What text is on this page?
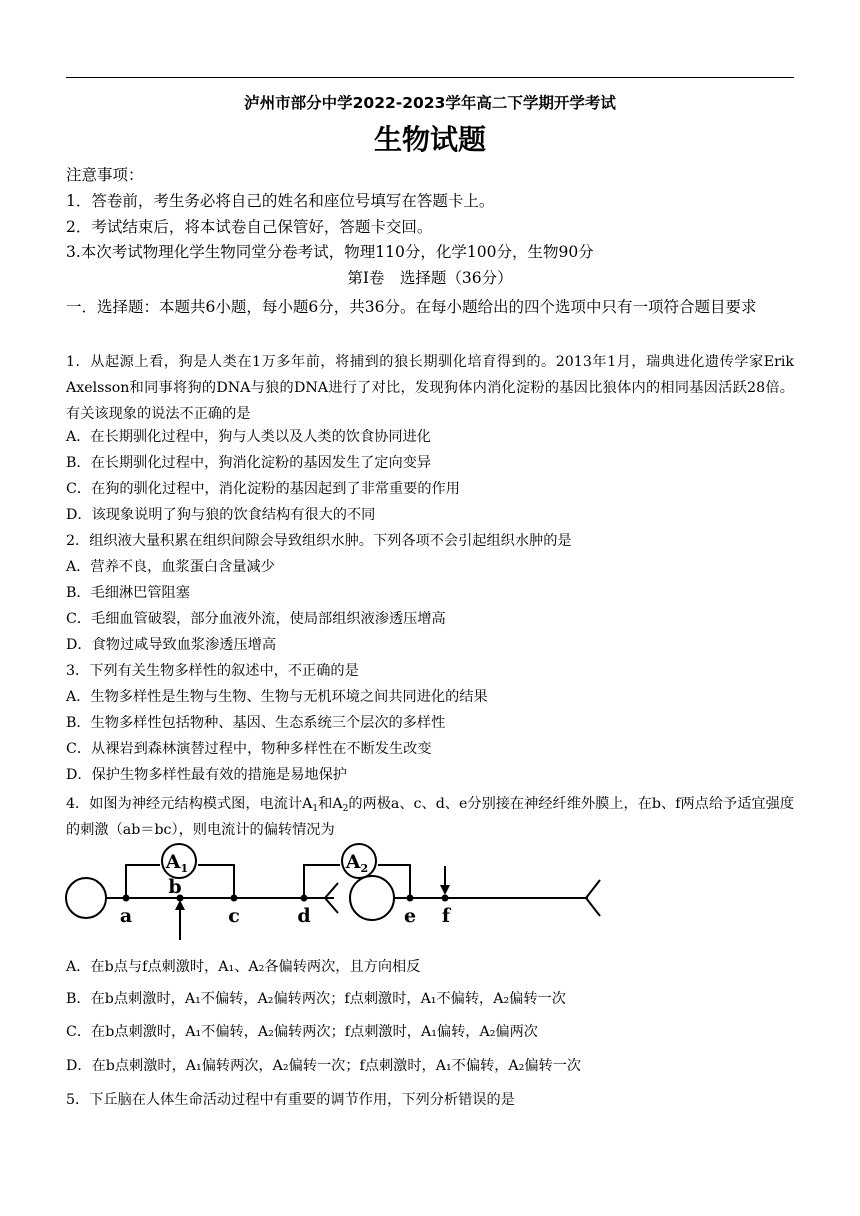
泸州市部分中学2022-2023学年高二下学期开学考试
生物试题
注意事项：
1．答卷前，考生务必将自己的姓名和座位号填写在答题卡上。
2．考试结束后，将本试卷自己保管好，答题卡交回。
3.本次考试物理化学生物同堂分卷考试，物理110分，化学100分，生物90分
第Ⅰ卷　选择题（36分）
一．选择题：本题共6小题，每小题6分，共36分。在每小题给出的四个选项中只有一项符合题目要求
1．从起源上看，狗是人类在1万多年前，将捕到的狼长期驯化培育得到的。2013年1月，瑞典进化遗传学家Erik Axelsson和同事将狗的DNA与狼的DNA进行了对比，发现狗体内消化淀粉的基因比狼体内的相同基因活跃28倍。有关该现象的说法不正确的是
A．在长期驯化过程中，狗与人类以及人类的饮食协同进化
B．在长期驯化过程中，狗消化淀粉的基因发生了定向变异
C．在狗的驯化过程中，消化淀粉的基因起到了非常重要的作用
D．该现象说明了狗与狼的饮食结构有很大的不同
2．组织液大量积累在组织间隙会导致组织水肿。下列各项不会引起组织水肿的是
A．营养不良，血浆蛋白含量减少
B．毛细淋巴管阻塞
C．毛细血管破裂，部分血液外流，使局部组织液渗透压增高
D．食物过咸导致血浆渗透压增高
3．下列有关生物多样性的叙述中，不正确的是
A．生物多样性是生物与生物、生物与无机环境之间共同进化的结果
B．生物多样性包括物种、基因、生态系统三个层次的多样性
C．从裸岩到森林演替过程中，物种多样性在不断发生改变
D．保护生物多样性最有效的措施是易地保护
4．如图为神经元结构模式图，电流计$A_1$和$A_2$的两极a、c、d、e分别接在神经纤维外膜上，在b、f两点给予适宜强度的刺激（ab＝bc），则电流计的偏转情况为
$A_1$	$A_2$
a
b
c	d	e f
A．在b点与f点刺激时，A₁、A₂各偏转两次，且方向相反
B．在b点刺激时，A₁不偏转，A₂偏转两次；f点刺激时，A₁不偏转，A₂偏转一次
C．在b点刺激时，A₁不偏转，A₂偏转两次；f点刺激时，A₁偏转，A₂偏两次
D．在b点刺激时，A₁偏转两次，A₂偏转一次；f点刺激时，A₁不偏转，A₂偏转一次
5．下丘脑在人体生命活动过程中有重要的调节作用，下列分析错误的是
